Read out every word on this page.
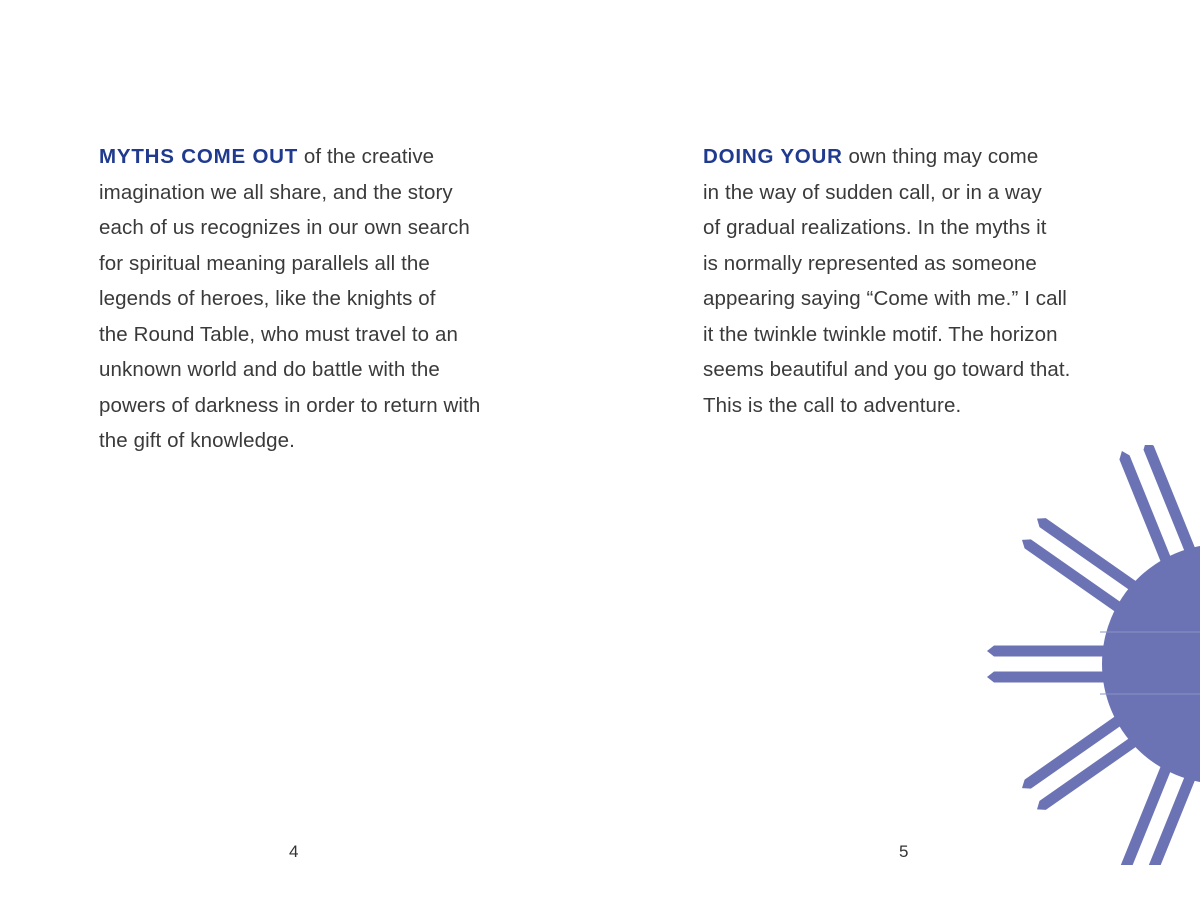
MYTHS COME OUT of the creative
imagination we all share, and the story
each of us recognizes in our own search
for spiritual meaning parallels all the
legends of heroes, like the knights of
the Round Table, who must travel to an
unknown world and do battle with the
powers of darkness in order to return with
the gift of knowledge.

4

DOING YOUR own thing may come
in the way of sudden call, or in a way
of gradual realizations. In the myths it
is normally represented as someone
appearing saying “Come with me.” I call
it the twinkle twinkle motif. The horizon
seems beautiful and you go toward that.
This is the call to adventure.

5
